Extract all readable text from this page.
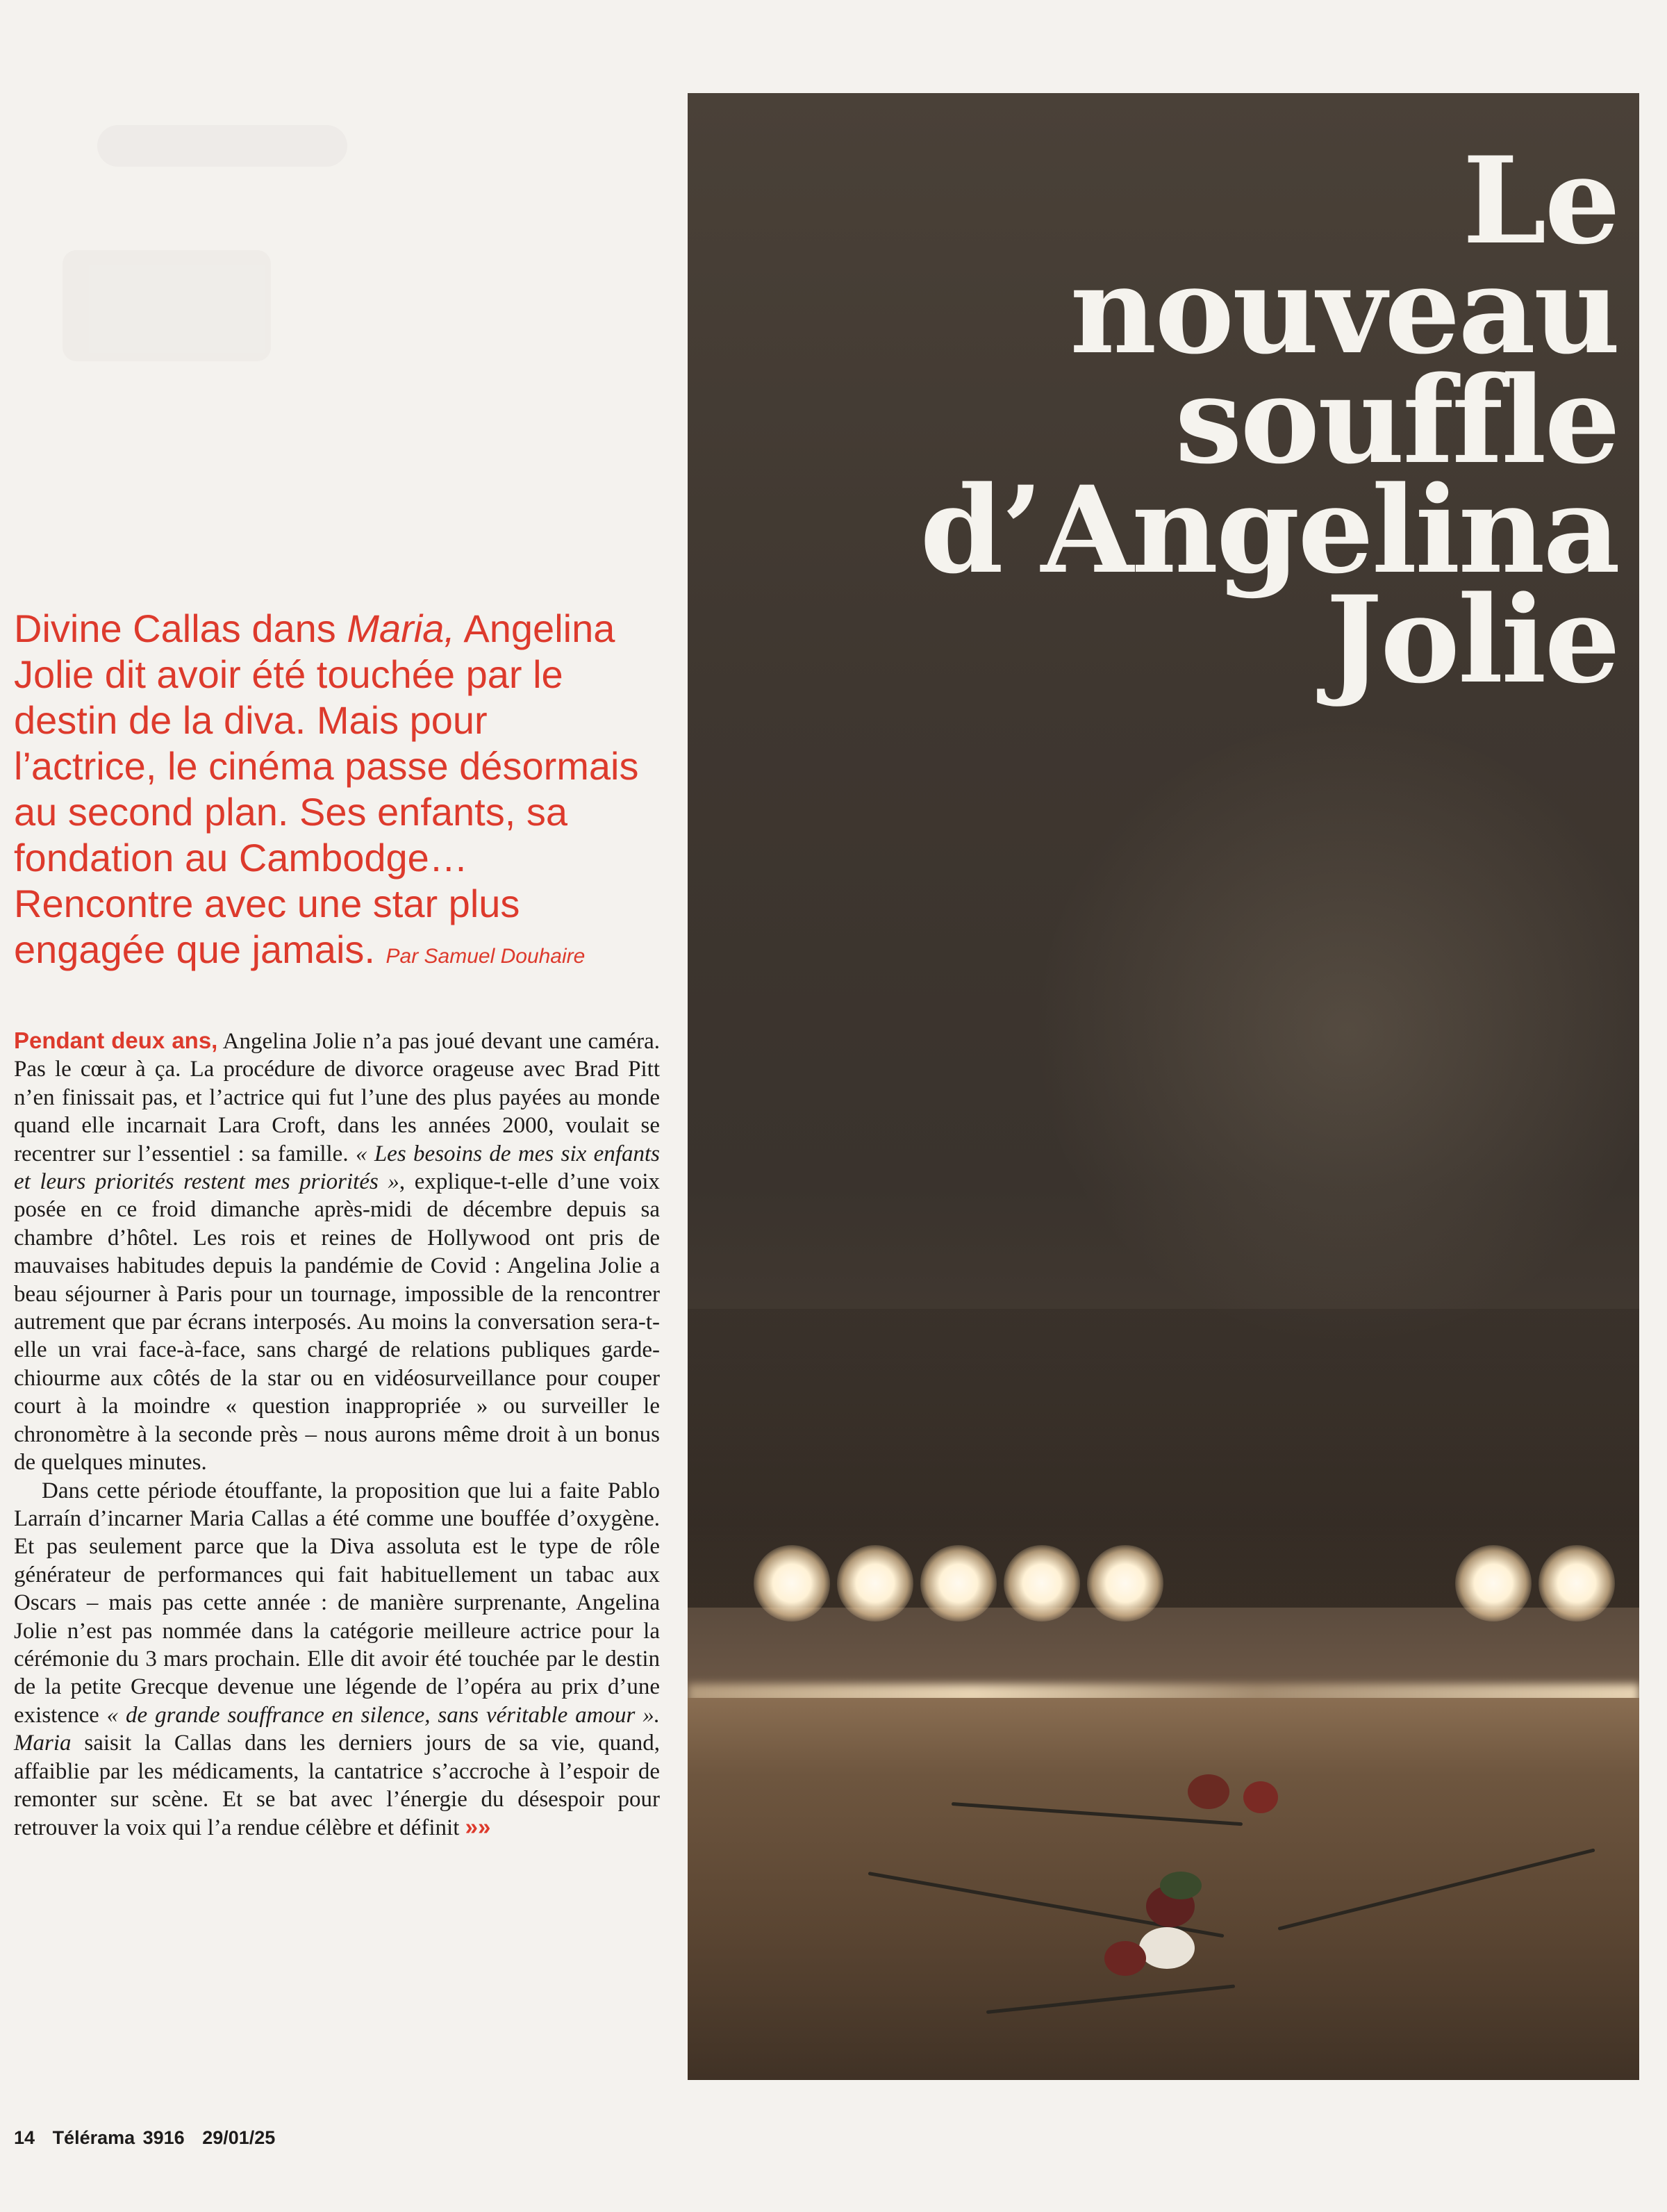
Le
nouveau
souffle
d’Angelina
Jolie

Divine Callas dans Maria, Angelina Jolie dit avoir été touchée par le destin de la diva. Mais pour l’actrice, le cinéma passe désormais au second plan. Ses enfants, sa fondation au Cambodge… Rencontre avec une star plus engagée que jamais. Par Samuel Douhaire

Pendant deux ans, Angelina Jolie n’a pas joué devant une caméra. Pas le cœur à ça. La procédure de divorce orageuse avec Brad Pitt n’en finissait pas, et l’actrice qui fut l’une des plus payées au monde quand elle incarnait Lara Croft, dans les années 2000, voulait se recentrer sur l’essentiel : sa famille. « Les besoins de mes six enfants et leurs priorités restent mes priorités », explique-t-elle d’une voix posée en ce froid dimanche après-midi de décembre depuis sa chambre d’hôtel. Les rois et reines de Hollywood ont pris de mauvaises habitudes depuis la pandémie de Covid : Angelina Jolie a beau séjourner à Paris pour un tournage, impossible de la rencontrer autrement que par écrans interposés. Au moins la conversation sera-t-elle un vrai face-à-face, sans chargé de relations publiques garde-chiourme aux côtés de la star ou en vidéosurveillance pour couper court à la moindre « question inappropriée » ou surveiller le chronomètre à la seconde près – nous aurons même droit à un bonus de quelques minutes.

Dans cette période étouffante, la proposition que lui a faite Pablo Larraín d’incarner Maria Callas a été comme une bouffée d’oxygène. Et pas seulement parce que la Diva assoluta est le type de rôle générateur de performances qui fait habituellement un tabac aux Oscars – mais pas cette année : de manière surprenante, Angelina Jolie n’est pas nommée dans la catégorie meilleure actrice pour la cérémonie du 3 mars prochain. Elle dit avoir été touchée par le destin de la petite Grecque devenue une légende de l’opéra au prix d’une existence « de grande souffrance en silence, sans véritable amour ». Maria saisit la Callas dans les derniers jours de sa vie, quand, affaiblie par les médicaments, la cantatrice s’accroche à l’espoir de remonter sur scène. Et se bat avec l’énergie du désespoir pour retrouver la voix qui l’a rendue célèbre et définit »»

14 Télérama 3916 29/01/25
